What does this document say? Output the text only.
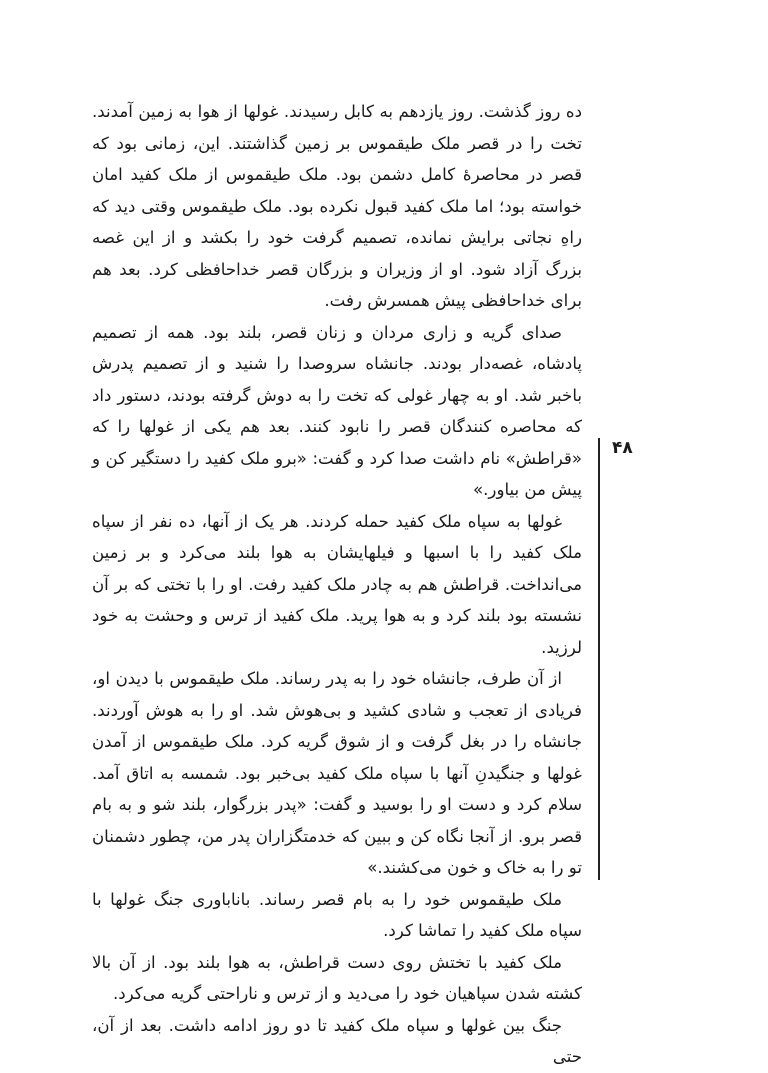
ده روز گذشت. روز یازدهم به کابل رسیدند. غولها از هوا به زمین آمدند. تخت را در قصر ملک طیقموس بر زمین گذاشتند. این، زمانی بود که قصر در محاصرهٔ کامل دشمن بود. ملک طیقموس از ملک کفید امان خواسته بود؛ اما ملک کفید قبول نکرده بود. ملک طیقموس وقتی دید که راهِ نجاتی برایش نمانده، تصمیم گرفت خود را بکشد و از این غصه بزرگ آزاد شود. او از وزیران و بزرگان قصر خداحافظی کرد. بعد هم برای خداحافظی پیش همسرش رفت.

صدای گریه و زاری مردان و زنان قصر، بلند بود. همه از تصمیم پادشاه، غصه‌دار بودند. جانشاه سروصدا را شنید و از تصمیم پدرش باخبر شد. او به چهار غولی که تخت را به دوش گرفته بودند، دستور داد که محاصره کنندگان قصر را نابود کنند. بعد هم یکی از غولها را که «قراطش» نام داشت صدا کرد و گفت: «برو ملک کفید را دستگیر کن و پیش من بیاور.»

غولها به سپاه ملک کفید حمله کردند. هر یک از آنها، ده نفر از سپاه ملک کفید را با اسبها و فیلهایشان به هوا بلند می‌کرد و بر زمین می‌انداخت. قراطش هم به چادر ملک کفید رفت. او را با تختی که بر آن نشسته بود بلند کرد و به هوا پرید. ملک کفید از ترس و وحشت به خود لرزید.

از آن طرف، جانشاه خود را به پدر رساند. ملک طیقموس با دیدن او، فریادی از تعجب و شادی کشید و بی‌هوش شد. او را به هوش آوردند. جانشاه را در بغل گرفت و از شوق گریه کرد. ملک طیقموس از آمدن غولها و جنگیدنِ آنها با سپاه ملک کفید بی‌خبر بود. شمسه به اتاق آمد. سلام کرد و دست او را بوسید و گفت: «پدر بزرگوار، بلند شو و به بام قصر برو. از آنجا نگاه کن و ببین که خدمتگزاران پدر من، چطور دشمنان تو را به خاک و خون می‌کشند.»

ملک طیقموس خود را به بام قصر رساند. باناباوری جنگ غولها با سپاه ملک کفید را تماشا کرد.

ملک کفید با تختش روی دست قراطش، به هوا بلند بود. از آن بالا کشته شدن سپاهیان خود را می‌دید و از ترس و ناراحتی گریه می‌کرد.

جنگ بین غولها و سپاه ملک کفید تا دو روز ادامه داشت. بعد از آن، حتی

۴۸
